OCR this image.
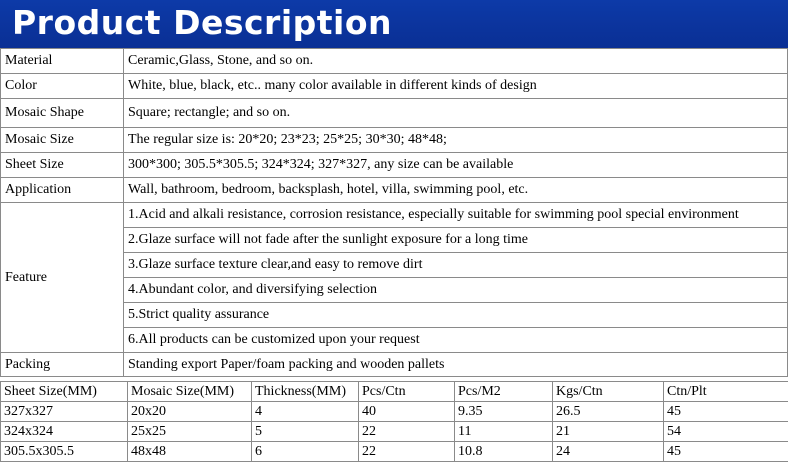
Product Description
Material	Ceramic,Glass, Stone, and so on.
Color	White, blue, black, etc.. many color available in different kinds of design
Mosaic Shape	Square; rectangle; and so on.
Mosaic Size	The regular size is: 20*20; 23*23; 25*25; 30*30; 48*48;
Sheet Size	300*300; 305.5*305.5; 324*324; 327*327, any size can be available
Application	Wall, bathroom, bedroom, backsplash, hotel, villa, swimming pool, etc.
Feature	1.Acid and alkali resistance, corrosion resistance, especially suitable for swimming pool special environment
	2.Glaze surface will not fade after the sunlight exposure for a long time
	3.Glaze surface texture clear,and easy to remove dirt
	4.Abundant color, and diversifying selection
	5.Strict quality assurance
	6.All products can be customized upon your request
Packing	Standing export Paper/foam packing and wooden pallets
Sheet Size(MM)	Mosaic Size(MM)	Thickness(MM)	Pcs/Ctn	Pcs/M2	Kgs/Ctn	Ctn/Plt
327x327	20x20	4	40	9.35	26.5	45
324x324	25x25	5	22	11	21	54
305.5x305.5	48x48	6	22	10.8	24	45
